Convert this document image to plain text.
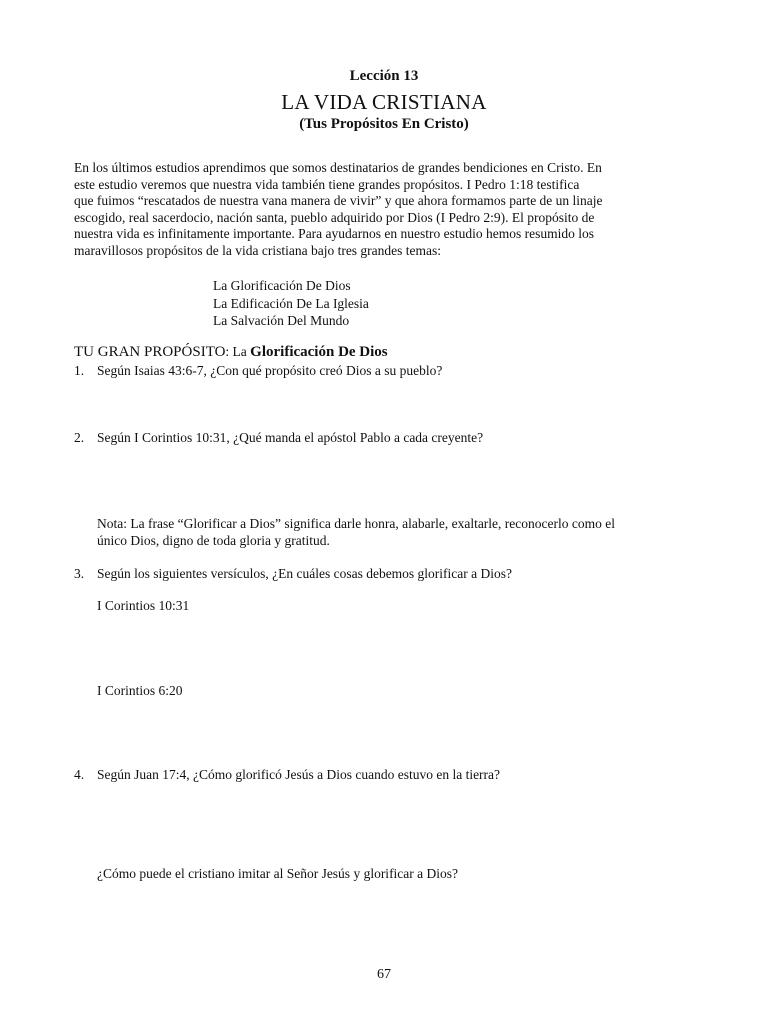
Lección 13
LA VIDA CRISTIANA
(Tus Propósitos En Cristo)
En los últimos estudios aprendimos que somos destinatarios de grandes bendiciones en Cristo. En
este estudio veremos que nuestra vida también tiene grandes propósitos. I Pedro 1:18 testifica
que fuimos “rescatados de nuestra vana manera de vivir” y que ahora formamos parte de un linaje
escogido, real sacerdocio, nación santa, pueblo adquirido por Dios (I Pedro 2:9). El propósito de
nuestra vida es infinitamente importante. Para ayudarnos en nuestro estudio hemos resumido los
maravillosos propósitos de la vida cristiana bajo tres grandes temas:
La Glorificación De Dios
La Edificación De La Iglesia
La Salvación Del Mundo
TU GRAN PROPÓSITO: La Glorificación De Dios
1. Según Isaias 43:6-7, ¿Con qué propósito creó Dios a su pueblo?
2. Según I Corintios 10:31, ¿Qué manda el apóstol Pablo a cada creyente?
Nota: La frase “Glorificar a Dios” significa darle honra, alabarle, exaltarle, reconocerlo como el
único Dios, digno de toda gloria y gratitud.
3. Según los siguientes versículos, ¿En cuáles cosas debemos glorificar a Dios?
I Corintios 10:31
I Corintios 6:20
4. Según Juan 17:4, ¿Cómo glorificó Jesús a Dios cuando estuvo en la tierra?
¿Cómo puede el cristiano imitar al Señor Jesús y glorificar a Dios?
67
